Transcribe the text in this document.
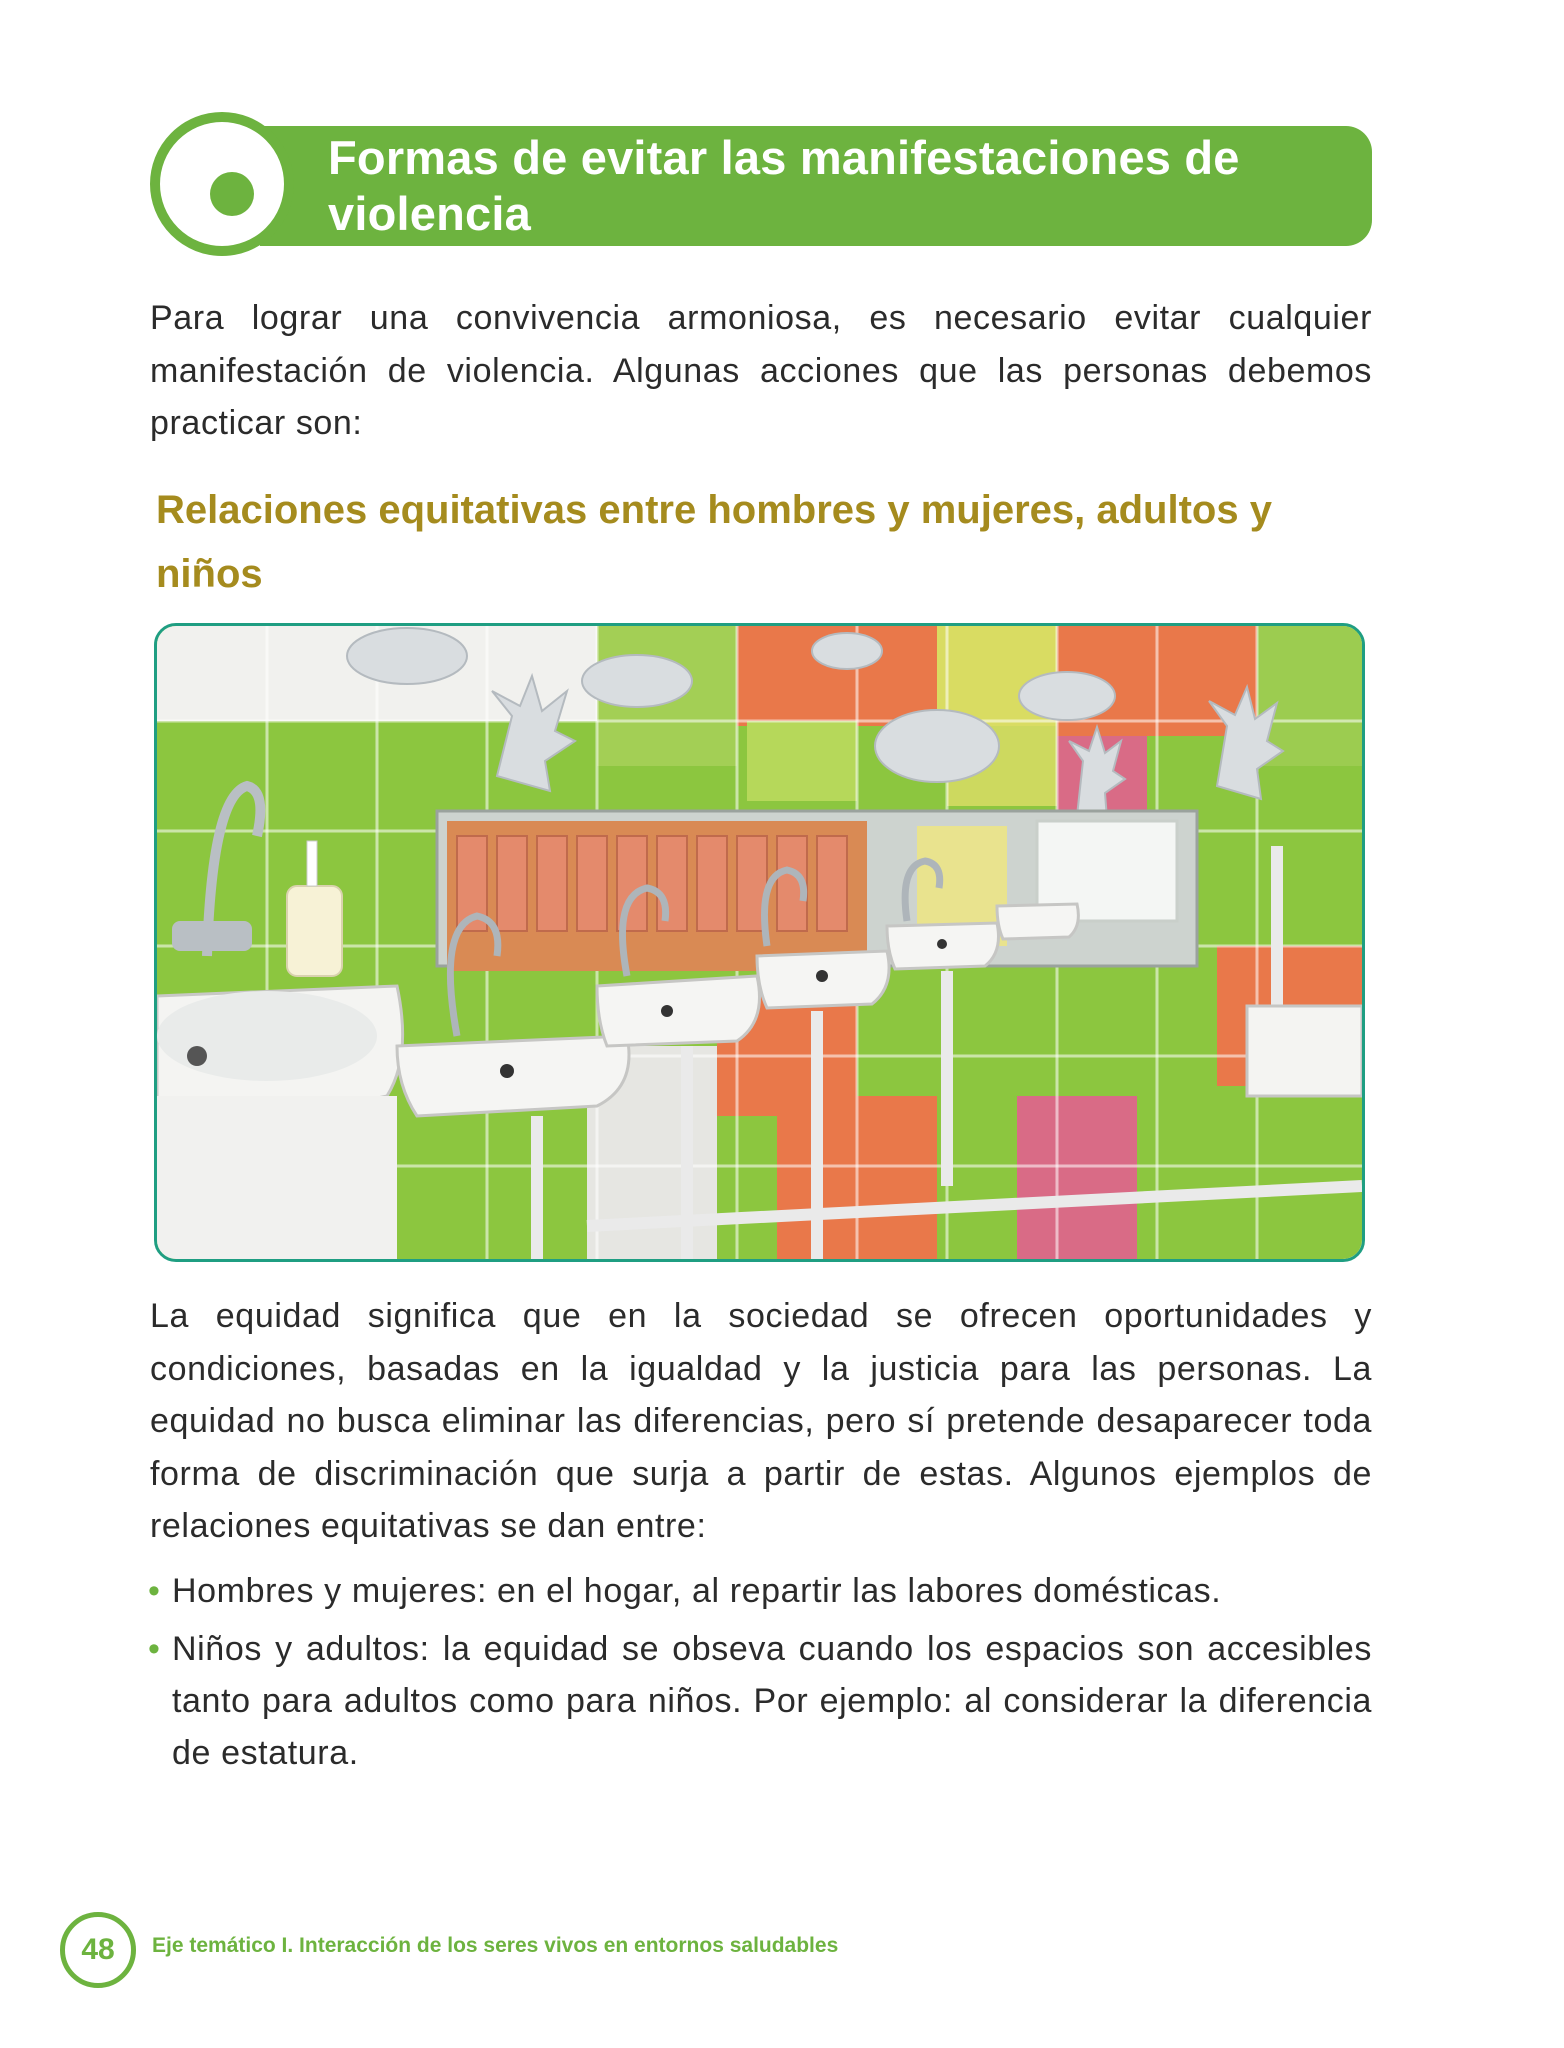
Formas de evitar las manifestaciones de violencia

Para lograr una convivencia armoniosa, es necesario evitar cualquier manifestación de violencia. Algunas acciones que las personas debemos practicar son:

Relaciones equitativas entre hombres y mujeres, adultos y niños

La equidad significa que en la sociedad se ofrecen oportunidades y condiciones, basadas en la igualdad y la justicia para las personas. La equidad no busca eliminar las diferencias, pero sí pretende desaparecer toda forma de discriminación que surja a partir de estas. Algunos ejemplos de relaciones equitativas se dan entre:

• Hombres y mujeres: en el hogar, al repartir las labores domésticas.
• Niños y adultos: la equidad se obseva cuando los espacios son accesibles tanto para adultos como para niños. Por ejemplo: al considerar la diferencia de estatura.
48	Eje temático I. Interacción de los seres vivos en entornos saludables
